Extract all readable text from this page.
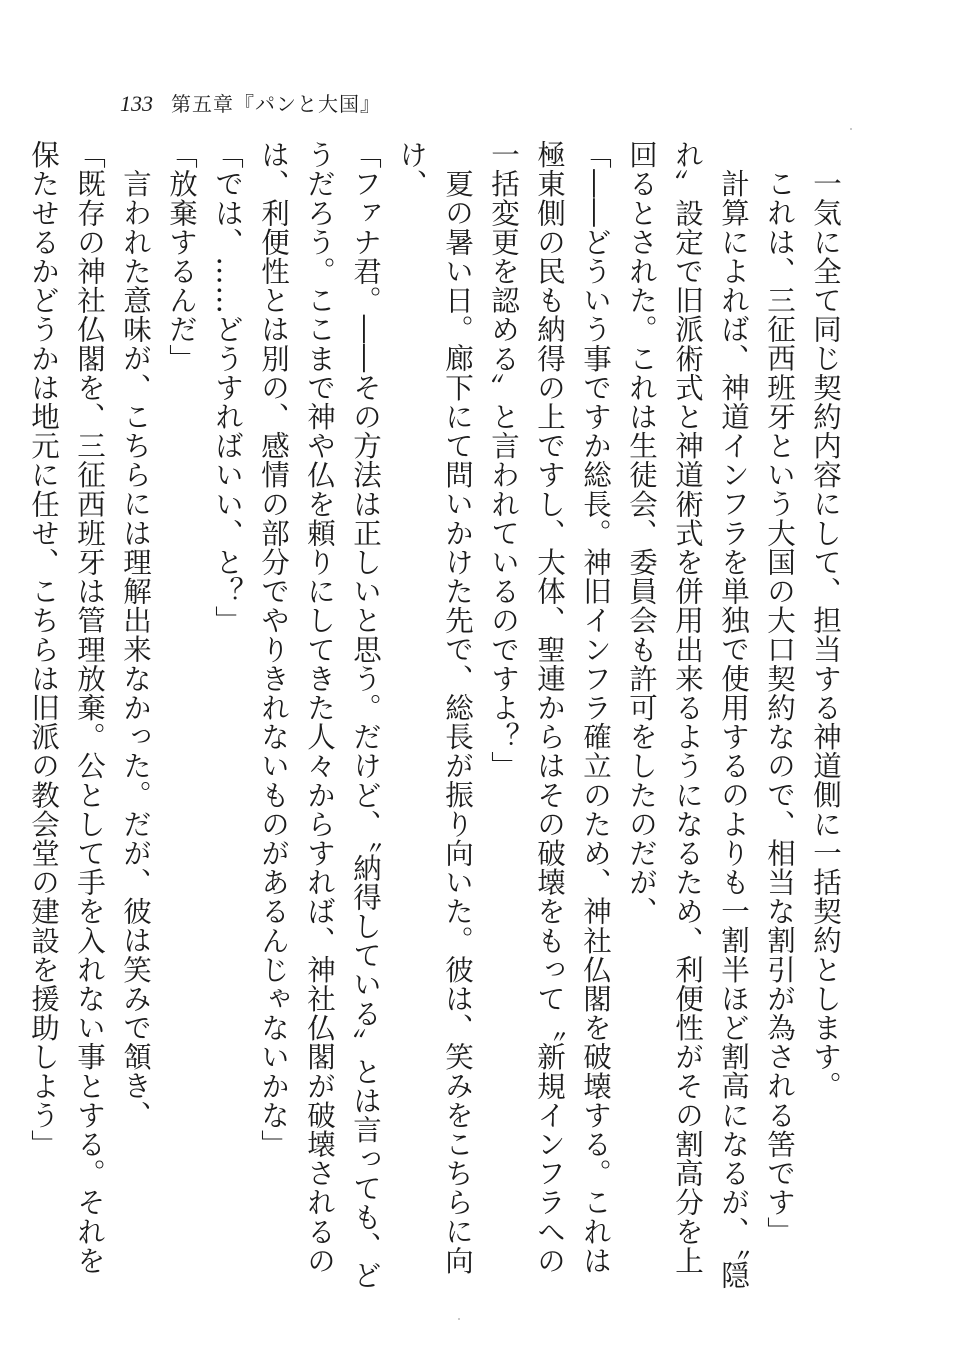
133 第五章『パンと大国』

一気に全て同じ契約内容にして、担当する神道側に一括契約とします。

これは、三征西班牙という大国の大口契約なので、相当な割引が為される筈です」

計算によれば、神道インフラを単独で使用するのよりも一割半ほど割高になるが、〝隠れ〟設定で旧派術式と神道術式を併用出来るようになるため、利便性がその割高分を上回るとされた。これは生徒会、委員会も許可をしたのだが、

「――どういう事ですか総長。神旧インフラ確立のため、神社仏閣を破壊する。これは極東側の民も納得の上ですし、大体、聖連からはその破壊をもって〝新規インフラへの一括変更を認める〟と言われているのですよ？」

夏の暑い日。廊下にて問いかけた先で、総長が振り向いた。彼は、笑みをこちらに向け、

「ファナ君。――その方法は正しいと思う。だけど、〝納得している〟とは言っても、どうだろう。ここまで神や仏を頼りにしてきた人々からすれば、神社仏閣が破壊されるのは、利便性とは別の、感情の部分でやりきれないものがあるんじゃないかな」

「では、……どうすればいい、と？」

「放棄するんだ」

言われた意味が、こちらには理解出来なかった。だが、彼は笑みで頷き、

「既存の神社仏閣を、三征西班牙は管理放棄。公として手を入れない事とする。それを保たせるかどうかは地元に任せ、こちらは旧派の教会堂の建設を援助しよう」
